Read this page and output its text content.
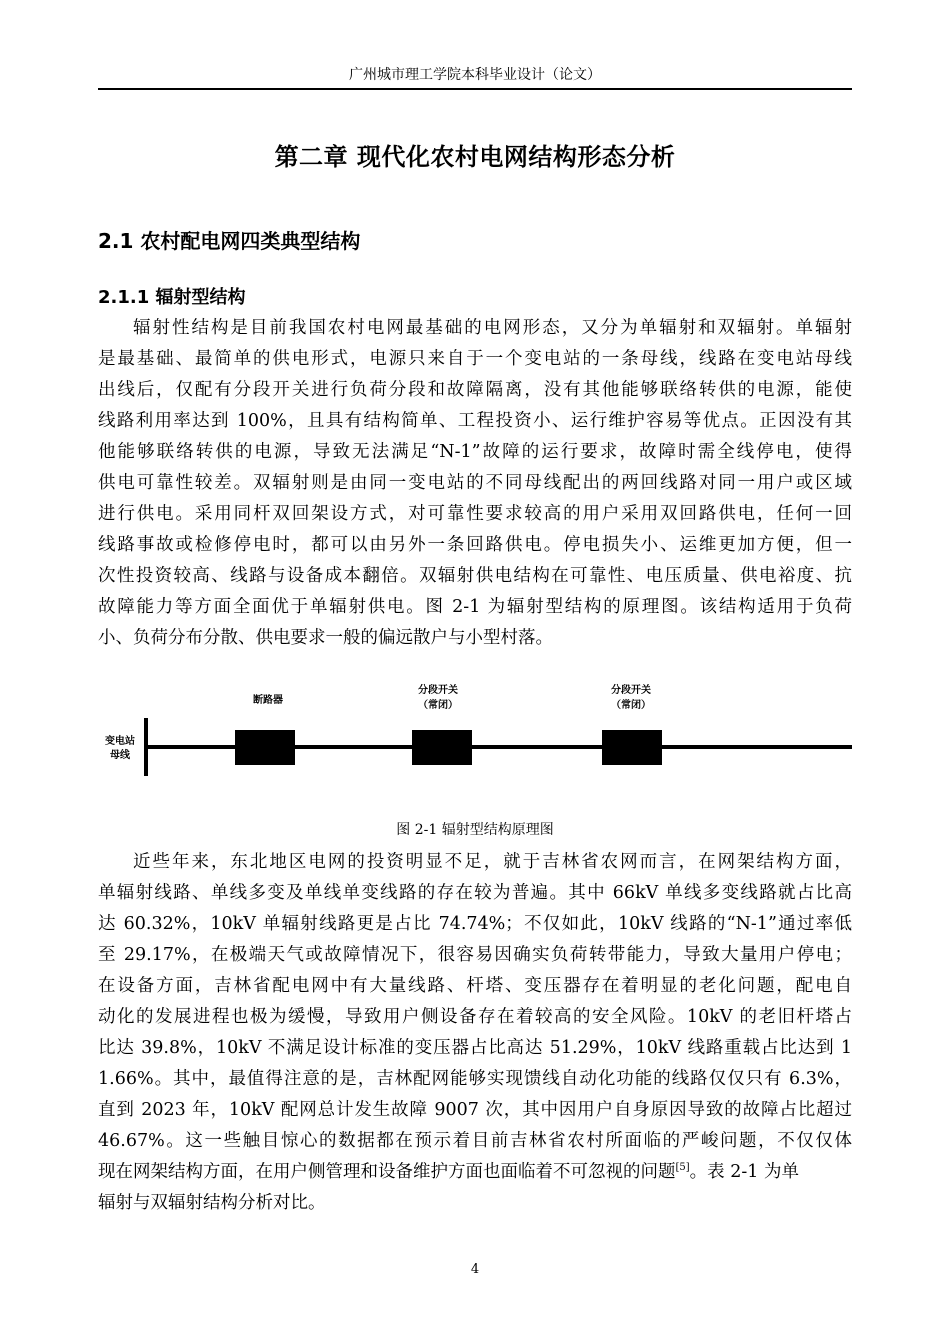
广州城市理工学院本科毕业设计（论文）
第二章 现代化农村电网结构形态分析
2.1 农村配电网四类典型结构
2.1.1 辐射型结构
辐射性结构是目前我国农村电网最基础的电网形态，又分为单辐射和双辐射。单辐射
是最基础、最简单的供电形式，电源只来自于一个变电站的一条母线，线路在变电站母线
出线后，仅配有分段开关进行负荷分段和故障隔离，没有其他能够联络转供的电源，能使
线路利用率达到 100%，且具有结构简单、工程投资小、运行维护容易等优点。正因没有其
他能够联络转供的电源，导致无法满足“N-1”故障的运行要求，故障时需全线停电，使得
供电可靠性较差。双辐射则是由同一变电站的不同母线配出的两回线路对同一用户或区域
进行供电。采用同杆双回架设方式，对可靠性要求较高的用户采用双回路供电，任何一回
线路事故或检修停电时，都可以由另外一条回路供电。停电损失小、运维更加方便，但一
次性投资较高、线路与设备成本翻倍。双辐射供电结构在可靠性、电压质量、供电裕度、抗
故障能力等方面全面优于单辐射供电。图 2-1 为辐射型结构的原理图。该结构适用于负荷
小、负荷分布分散、供电要求一般的偏远散户与小型村落。
变电站
母线
断路器
分段开关
（常闭）
分段开关
（常闭）
图 2-1 辐射型结构原理图
近些年来，东北地区电网的投资明显不足，就于吉林省农网而言，在网架结构方面，
单辐射线路、单线多变及单线单变线路的存在较为普遍。其中 66kV 单线多变线路就占比高
达 60.32%，10kV 单辐射线路更是占比 74.74%；不仅如此，10kV 线路的“N-1”通过率低
至 29.17%，在极端天气或故障情况下，很容易因确实负荷转带能力，导致大量用户停电；
在设备方面，吉林省配电网中有大量线路、杆塔、变压器存在着明显的老化问题，配电自
动化的发展进程也极为缓慢，导致用户侧设备存在着较高的安全风险。10kV 的老旧杆塔占
比达 39.8%，10kV 不满足设计标准的变压器占比高达 51.29%，10kV 线路重载占比达到 1
1.66%。其中，最值得注意的是，吉林配网能够实现馈线自动化功能的线路仅仅只有 6.3%，
直到 2023 年，10kV 配网总计发生故障 9007 次，其中因用户自身原因导致的故障占比超过
46.67%。这一些触目惊心的数据都在预示着目前吉林省农村所面临的严峻问题，不仅仅体
现在网架结构方面，在用户侧管理和设备维护方面也面临着不可忽视的问题[5]。表 2-1 为单
辐射与双辐射结构分析对比。
4
